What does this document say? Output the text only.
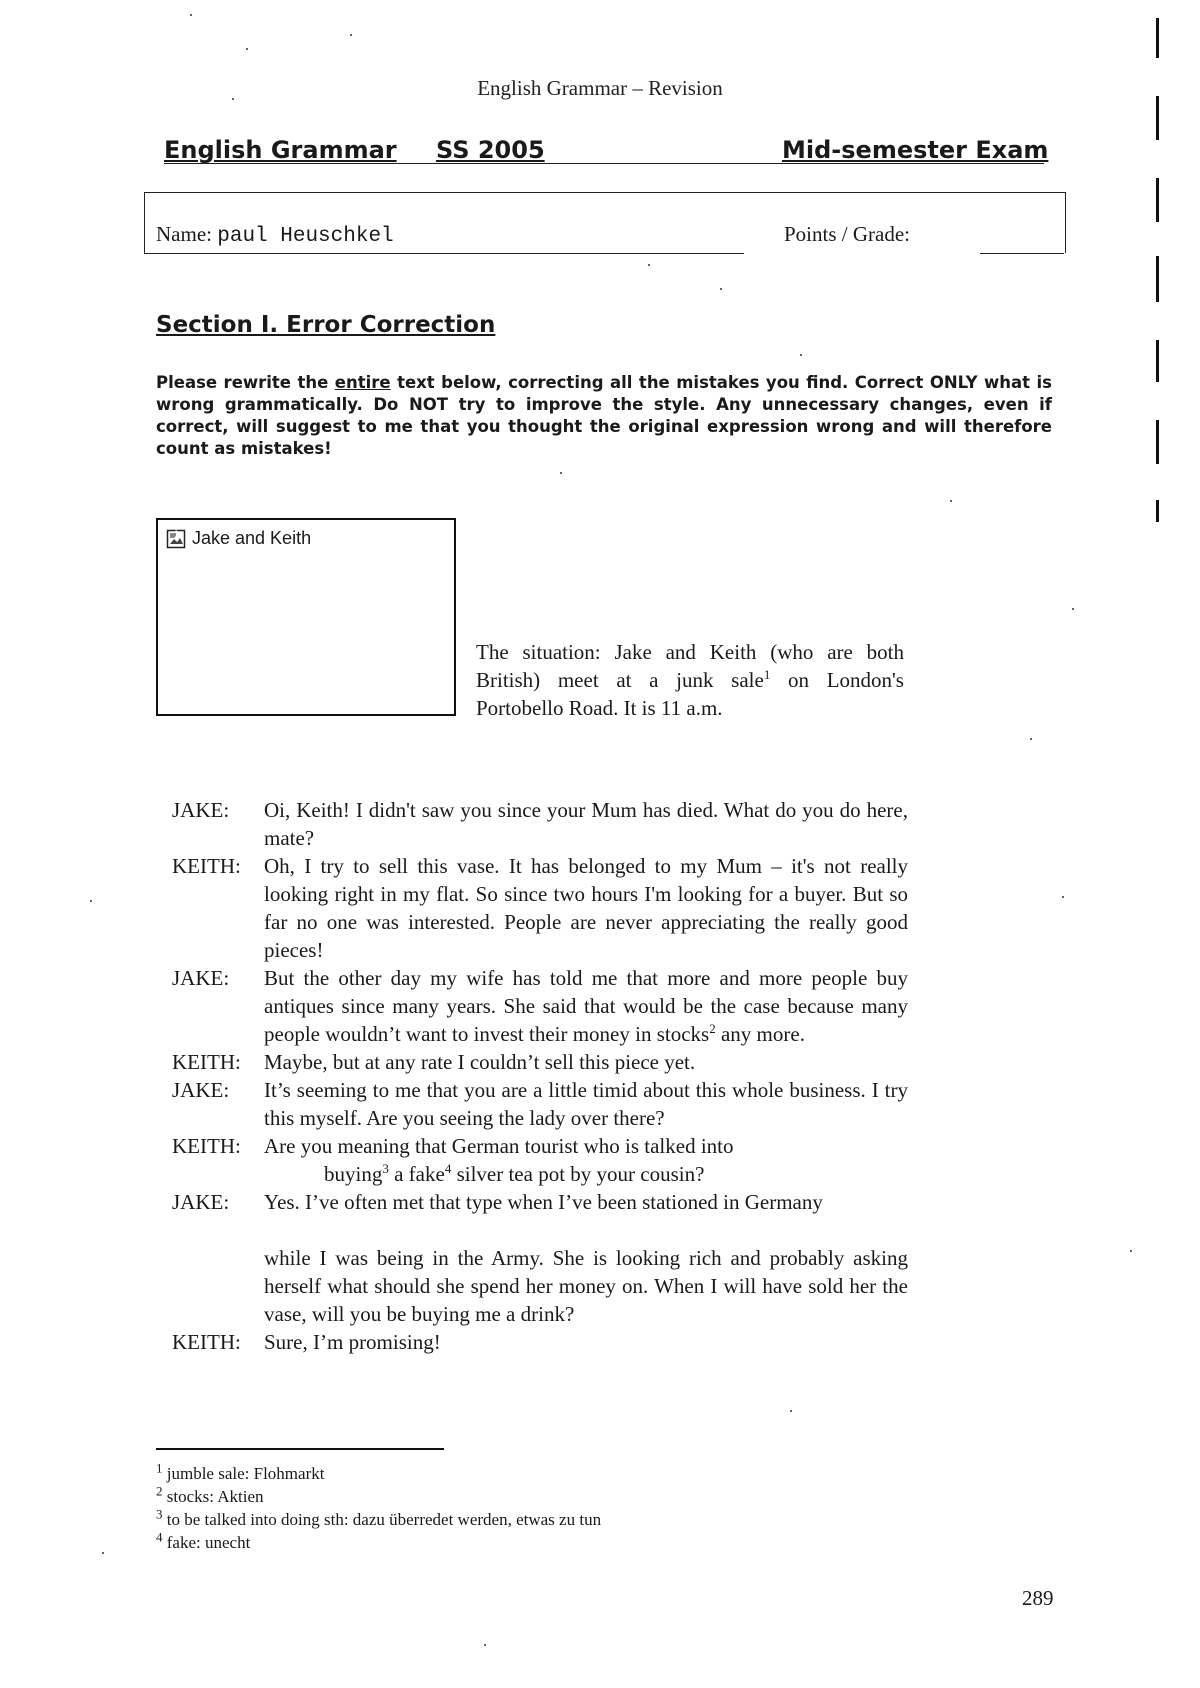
English Grammar – Revision
English Grammar SS 2005	Mid-semester Exam
Name: paul Heuschkel	Points / Grade:
Section I. Error Correction
Please rewrite the entire text below, correcting all the mistakes you find. Correct ONLY what is wrong grammatically. Do NOT try to improve the style. Any unnecessary changes, even if correct, will suggest to me that you thought the original expression wrong and will therefore count as mistakes!
Jake and Keith
The situation: Jake and Keith (who are both British) meet at a junk sale$^1$ on London's Portobello Road. It is 11 a.m.
JAKE:	Oi, Keith! I didn't saw you since your Mum has died. What do you do here, mate?
KEITH:	Oh, I try to sell this vase. It has belonged to my Mum – it's not really looking right in my flat. So since two hours I'm looking for a buyer. But so far no one was interested. People are never appreciating the really good pieces!
JAKE:	But the other day my wife has told me that more and more people buy antiques since many years. She said that would be the case because many people wouldn’t want to invest their money in stocks$^2$ any more.
KEITH:	Maybe, but at any rate I couldn’t sell this piece yet.
JAKE:	It’s seeming to me that you are a little timid about this whole business. I try this myself. Are you seeing the lady over there?
KEITH:	Are you meaning that German tourist who is talked into
buying$^3$ a fake$^4$ silver tea pot by your cousin?
JAKE:	Yes. I’ve often met that type when I’ve been stationed in Germany
while I was being in the Army. She is looking rich and probably asking herself what should she spend her money on. When I will have sold her the vase, will you be buying me a drink?
KEITH:	Sure, I’m promising!
$^1$ jumble sale: Flohmarkt
$^2$ stocks: Aktien
$^3$ to be talked into doing sth: dazu überredet werden, etwas zu tun
$^4$ fake: unecht
289
